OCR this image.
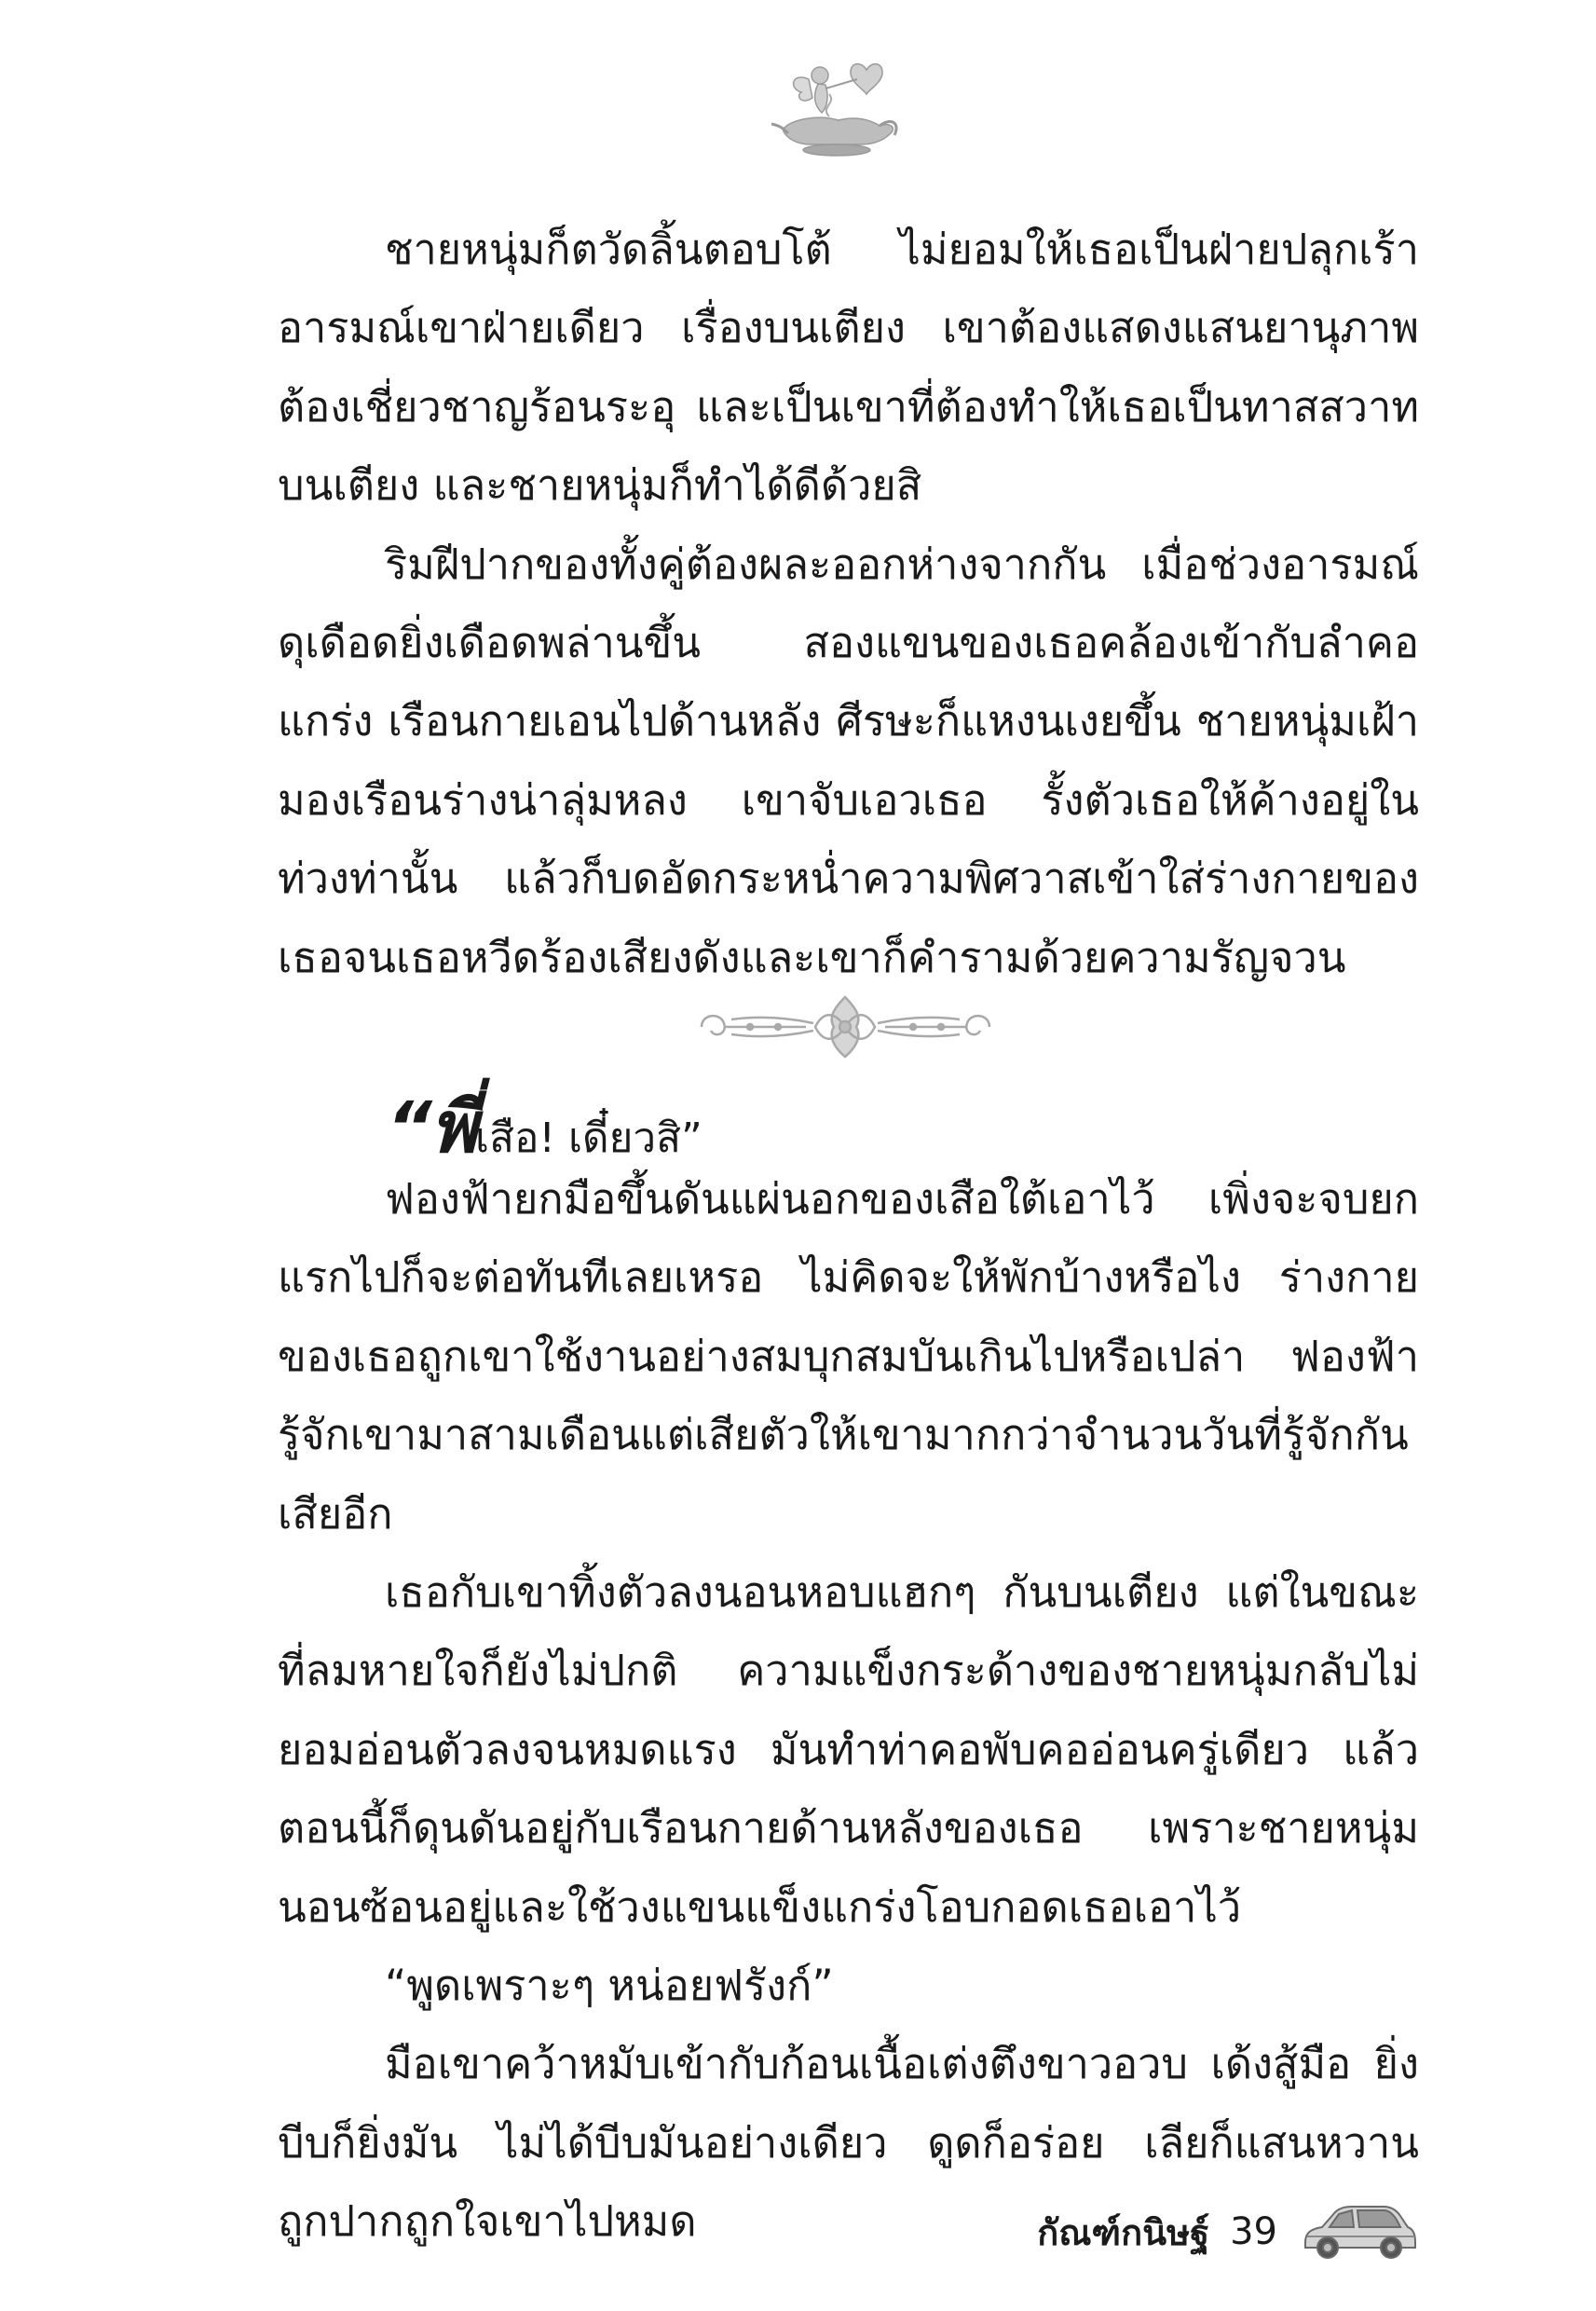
ชายหนุ่มก็ตวัดลิ้นตอบโต้ ไม่ยอมให้เธอเป็นฝ่ายปลุกเร้าอารมณ์เขาฝ่ายเดียว เรื่องบนเตียง เขาต้องแสดงแสนยานุภาพ ต้องเชี่ยวชาญร้อนระอุ และเป็นเขาที่ต้องทำให้เธอเป็นทาสสวาทบนเตียง และชายหนุ่มก็ทำได้ดีด้วยสิ

ริมฝีปากของทั้งคู่ต้องผละออกห่างจากกัน เมื่อช่วงอารมณ์ดุเดือดยิ่งเดือดพล่านขึ้น สองแขนของเธอคล้องเข้ากับลำคอแกร่ง เรือนกายเอนไปด้านหลัง ศีรษะก็แหงนเงยขึ้น ชายหนุ่มเฝ้ามองเรือนร่างน่าลุ่มหลง เขาจับเอวเธอ รั้งตัวเธอให้ค้างอยู่ในท่วงท่านั้น แล้วก็บดอัดกระหน่ำความพิศวาสเข้าใส่ร่างกายของเธอจนเธอหวีดร้องเสียงดังและเขาก็คำรามด้วยความรัญจวน

“พี่เสือ! เดี๋ยวสิ”

ฟองฟ้ายกมือขึ้นดันแผ่นอกของเสือใต้เอาไว้ เพิ่งจะจบยกแรกไปก็จะต่อทันทีเลยเหรอ ไม่คิดจะให้พักบ้างหรือไง ร่างกายของเธอถูกเขาใช้งานอย่างสมบุกสมบันเกินไปหรือเปล่า ฟองฟ้ารู้จักเขามาสามเดือนแต่เสียตัวให้เขามากกว่าจำนวนวันที่รู้จักกันเสียอีก

เธอกับเขาทิ้งตัวลงนอนหอบแฮกๆ กันบนเตียง แต่ในขณะที่ลมหายใจก็ยังไม่ปกติ ความแข็งกระด้างของชายหนุ่มกลับไม่ยอมอ่อนตัวลงจนหมดแรง มันทำท่าคอพับคออ่อนครู่เดียว แล้วตอนนี้ก็ดุนดันอยู่กับเรือนกายด้านหลังของเธอ เพราะชายหนุ่มนอนซ้อนอยู่และใช้วงแขนแข็งแกร่งโอบกอดเธอเอาไว้

“พูดเพราะๆ หน่อยฟรังก์”

มือเขาคว้าหมับเข้ากับก้อนเนื้อเต่งตึงขาวอวบ เด้งสู้มือ ยิ่งบีบก็ยิ่งมัน ไม่ได้บีบมันอย่างเดียว ดูดก็อร่อย เลียก็แสนหวาน ถูกปากถูกใจเขาไปหมด	กัณฑ์กนิษฐ์ 39
